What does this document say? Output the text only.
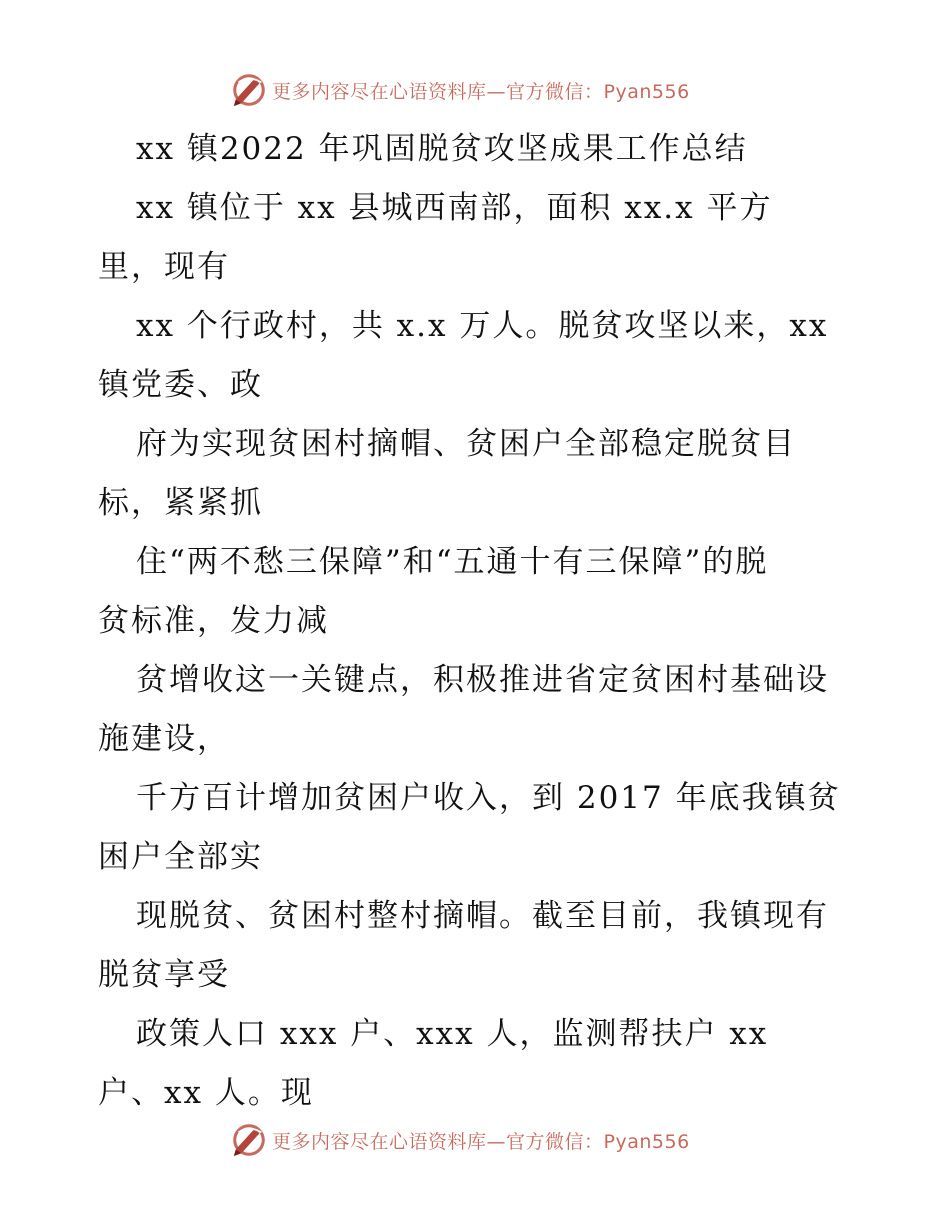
更多内容尽在心语资料库—官方微信：Pyan556
xx 镇2022 年巩固脱贫攻坚成果工作总结
xx 镇位于 xx 县城西南部，面积 xx.x 平方
里，现有
xx 个行政村，共 x.x 万人。脱贫攻坚以来，xx
镇党委、政
府为实现贫困村摘帽、贫困户全部稳定脱贫目
标，紧紧抓
住“两不愁三保障”和“五通十有三保障”的脱
贫标准，发力减
贫增收这一关键点，积极推进省定贫困村基础设
施建设，
千方百计增加贫困户收入，到 2017 年底我镇贫
困户全部实
现脱贫、贫困村整村摘帽。截至目前，我镇现有
脱贫享受
政策人口 xxx 户、xxx 人，监测帮扶户 xx
户、xx 人。现
更多内容尽在心语资料库—官方微信：Pyan556
